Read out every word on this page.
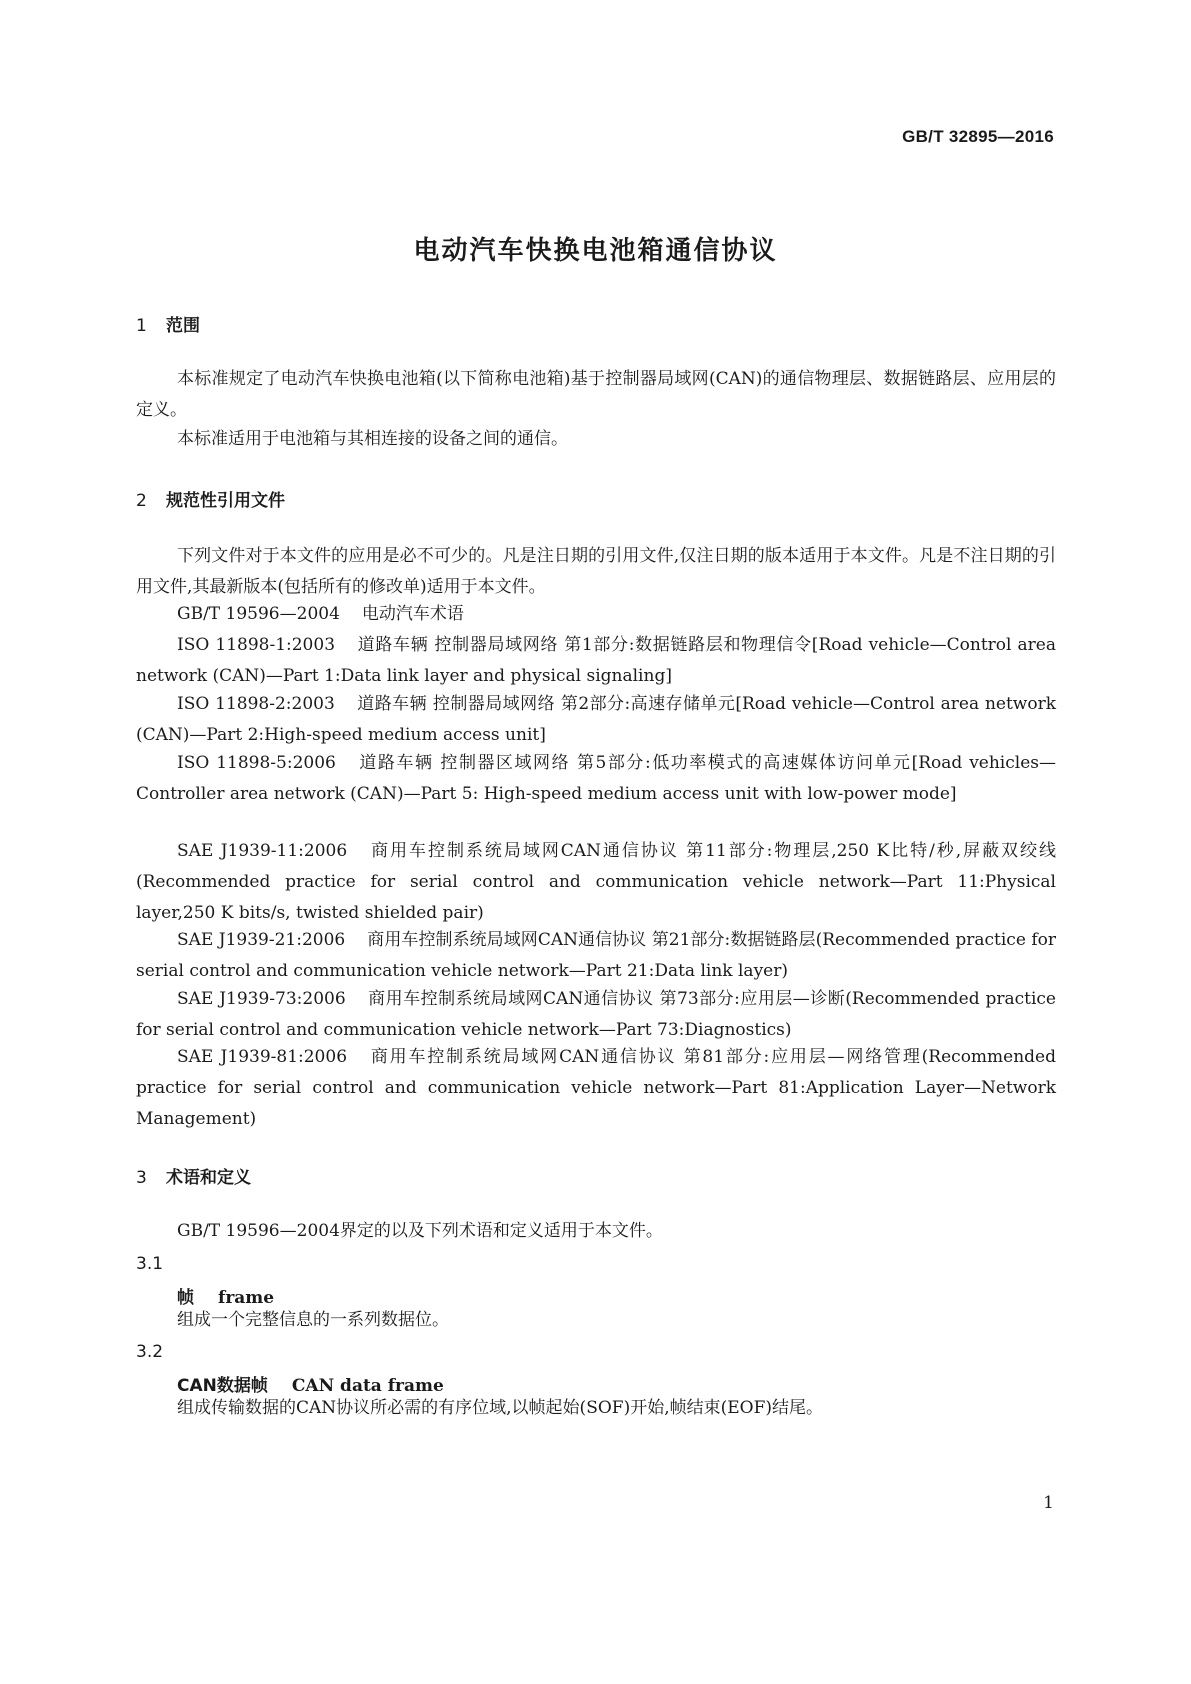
GB/T 32895—2016
电动汽车快换电池箱通信协议
1 范围
本标准规定了电动汽车快换电池箱(以下简称电池箱)基于控制器局域网(CAN)的通信物理层、数据链路层、应用层的定义。
本标准适用于电池箱与其相连接的设备之间的通信。
2 规范性引用文件
下列文件对于本文件的应用是必不可少的。凡是注日期的引用文件,仅注日期的版本适用于本文件。凡是不注日期的引用文件,其最新版本(包括所有的修改单)适用于本文件。
GB/T 19596—2004 电动汽车术语
ISO 11898-1:2003 道路车辆 控制器局域网络 第1部分:数据链路层和物理信令[Road vehicle—Control area network (CAN)—Part 1:Data link layer and physical signaling]
ISO 11898-2:2003 道路车辆 控制器局域网络 第2部分:高速存储单元[Road vehicle—Control area network (CAN)—Part 2:High-speed medium access unit]
ISO 11898-5:2006 道路车辆 控制器区域网络 第5部分:低功率模式的高速媒体访问单元[Road vehicles—Controller area network (CAN)—Part 5: High-speed medium access unit with low-power mode]
SAE J1939-11:2006 商用车控制系统局域网CAN通信协议 第11部分:物理层,250 K比特/秒,屏蔽双绞线(Recommended practice for serial control and communication vehicle network—Part 11:Physical layer,250 K bits/s, twisted shielded pair)
SAE J1939-21:2006 商用车控制系统局域网CAN通信协议 第21部分:数据链路层(Recommended practice for serial control and communication vehicle network—Part 21:Data link layer)
SAE J1939-73:2006 商用车控制系统局域网CAN通信协议 第73部分:应用层—诊断(Recommended practice for serial control and communication vehicle network—Part 73:Diagnostics)
SAE J1939-81:2006 商用车控制系统局域网CAN通信协议 第81部分:应用层—网络管理(Recommended practice for serial control and communication vehicle network—Part 81:Application Layer—Network Management)
3 术语和定义
GB/T 19596—2004界定的以及下列术语和定义适用于本文件。
3.1
帧 frame
组成一个完整信息的一系列数据位。
3.2
CAN数据帧 CAN data frame
组成传输数据的CAN协议所必需的有序位域,以帧起始(SOF)开始,帧结束(EOF)结尾。
1
